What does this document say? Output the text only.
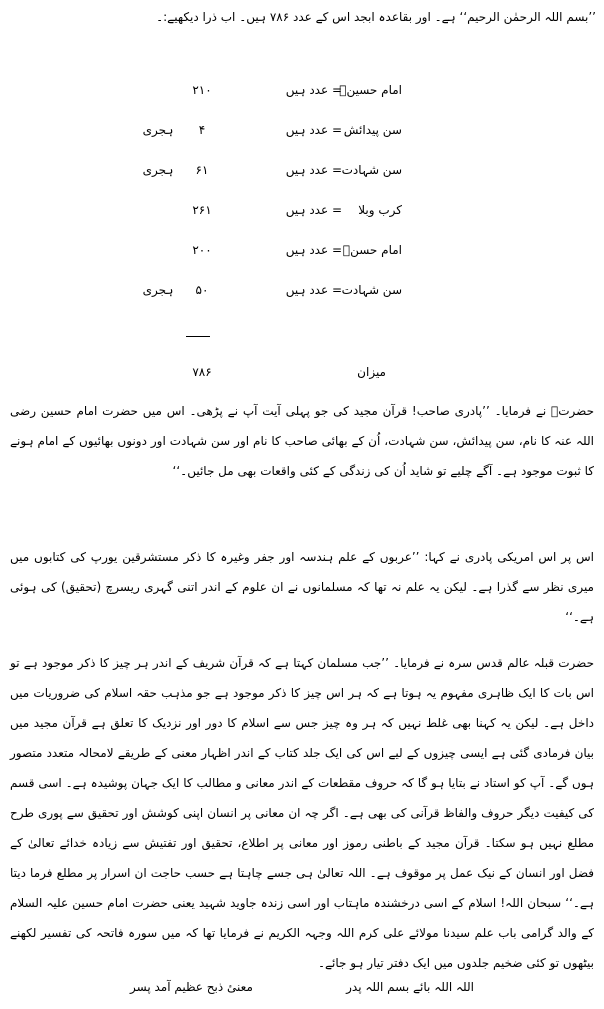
’’بسم اللہ الرحمٰن الرحیم‘‘ ہے۔ اور بقاعدہ ابجد اس کے عدد ۷۸۶ ہیں۔ اب ذرا دیکھیے:۔
امام حسینؑ
= عدد ہیں
۲۱۰
سن پیدائش
= عدد ہیں
۴
ہجری
سن شہادت
= عدد ہیں
۶۱
ہجری
کرب وبلا
= عدد ہیں
۲۶۱
امام حسنؑ
= عدد ہیں
۲۰۰
سن شہادت
= عدد ہیں
۵۰
ہجری
میزان
۷۸۶
حضرتؒ نے فرمایا۔ ’’پادری صاحب! قرآن مجید کی جو پہلی آیت آپ نے پڑھی۔ اس میں حضرت امام حسین رضی اللہ عنہ کا نام، سن پیدائش، سن شہادت، اُن کے بھائی صاحب کا نام اور سن شہادت اور دونوں بھائیوں کے امام ہونے کا ثبوت موجود ہے۔ آگے چلیے تو شاید اُن کی زندگی کے کئی واقعات بھی مل جائیں۔‘‘
اس پر اس امریکی پادری نے کہا: ’’عربوں کے علم ہندسہ اور جفر وغیرہ کا ذکر مستشرقین یورپ کی کتابوں میں میری نظر سے گذرا ہے۔ لیکن یہ علم نہ تھا کہ مسلمانوں نے ان علوم کے اندر اتنی گہری ریسرچ (تحقیق) کی ہوئی ہے۔‘‘
حضرت قبلہ عالم قدس سرہ نے فرمایا۔ ’’جب مسلمان کہتا ہے کہ قرآن شریف کے اندر ہر چیز کا ذکر موجود ہے تو اس بات کا ایک ظاہری مفہوم یہ ہوتا ہے کہ ہر اس چیز کا ذکر موجود ہے جو مذہب حقہ اسلام کی ضروریات میں داخل ہے۔ لیکن یہ کہنا بھی غلط نہیں کہ ہر وہ چیز جس سے اسلام کا دور اور نزدیک کا تعلق ہے قرآن مجید میں بیان فرمادی گئی ہے ایسی چیزوں کے لیے اس کی ایک جلد کتاب کے اندر اظہار معنی کے طریقے لامحالہ متعدد متصور ہوں گے۔ آپ کو استاد نے بتایا ہو گا کہ حروف مقطعات کے اندر معانی و مطالب کا ایک جہان پوشیدہ ہے۔ اسی قسم کی کیفیت دیگر حروف والفاظ قرآنی کی بھی ہے۔ اگر چہ ان معانی پر انسان اپنی کوشش اور تحقیق سے پوری طرح مطلع نہیں ہو سکتا۔ قرآن مجید کے باطنی رموز اور معانی پر اطلاع، تحقیق اور تفتیش سے زیادہ خدائے تعالیٰ کے فضل اور انسان کے نیک عمل پر موقوف ہے۔ اللہ تعالیٰ ہی جسے چاہتا ہے حسب حاجت ان اسرار پر مطلع فرما دیتا ہے۔‘‘ سبحان اللہ! اسلام کے اسی درخشندہ ماہتاب اور اسی زندہ جاوید شہید یعنی حضرت امام حسین علیہ السلام کے والد گرامی باب علم سیدنا مولائے علی کرم اللہ وجہہ الکریم نے فرمایا تھا کہ میں سورہ فاتحہ کی تفسیر لکھنے بیٹھوں تو کئی ضخیم جلدوں میں ایک دفتر تیار ہو جائے۔
اللہ اللہ بائے بسم اللہ پدر
معنیٔ ذبح عظیم آمد پسر
